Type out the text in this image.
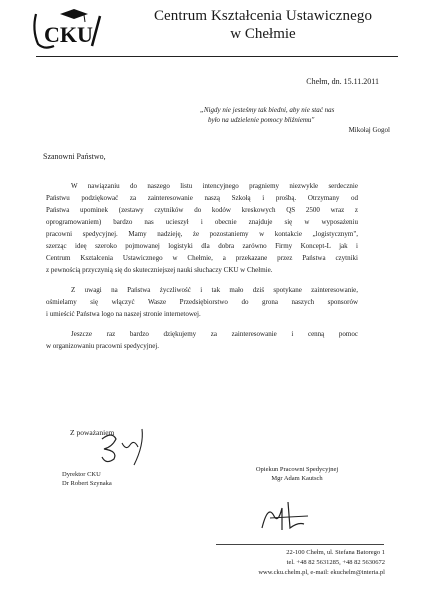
CKU
Centrum Kształcenia Ustawicznego
w Chełmie
Chełm, dn. 15.11.2011
„Nigdy nie jesteśmy tak biedni, aby nie stać nas
było na udzielenie pomocy bliźniemu"
Mikołaj Gogol
Szanowni Państwo,
W nawiązaniu do naszego listu intencyjnego pragniemy niezwykle serdecznie
Państwu podziękować za zainteresowanie naszą Szkołą i prośbą. Otrzymany od
Państwa upominek (zestawy czytników do kodów kreskowych QS 2500 wraz z
oprogramowaniem) bardzo nas ucieszył i obecnie znajduje się w wyposażeniu
pracowni spedycyjnej. Mamy nadzieję, że pozostaniemy w kontakcie „logistycznym",
szerząc ideę szeroko pojmowanej logistyki dla dobra zarówno Firmy Koncept-L jak i
Centrum Kształcenia Ustawicznego w Chełmie, a przekazane przez Państwa czytniki
z pewnością przyczynią się do skuteczniejszej nauki słuchaczy CKU w Chełmie.
Z uwagi na Państwa życzliwość i tak mało dziś spotykane zainteresowanie,
ośmielamy się włączyć Wasze Przedsiębiorstwo do grona naszych sponsorów
i umieścić Państwa logo na naszej stronie internetowej.
Jeszcze raz bardzo dziękujemy za zainteresowanie i cenną pomoc
w organizowaniu pracowni spedycyjnej.
Z poważaniem
Dyrektor CKU
Dr Robert Szynaka
Opiekun Pracowni Spedycyjnej
Mgr Adam Kautsch
22-100 Chełm, ul. Stefana Batorego 1
tel. +48 82 5631285, +48 82 5630672
www.cku.chelm.pl, e-mail: ekuchelm@interia.pl
